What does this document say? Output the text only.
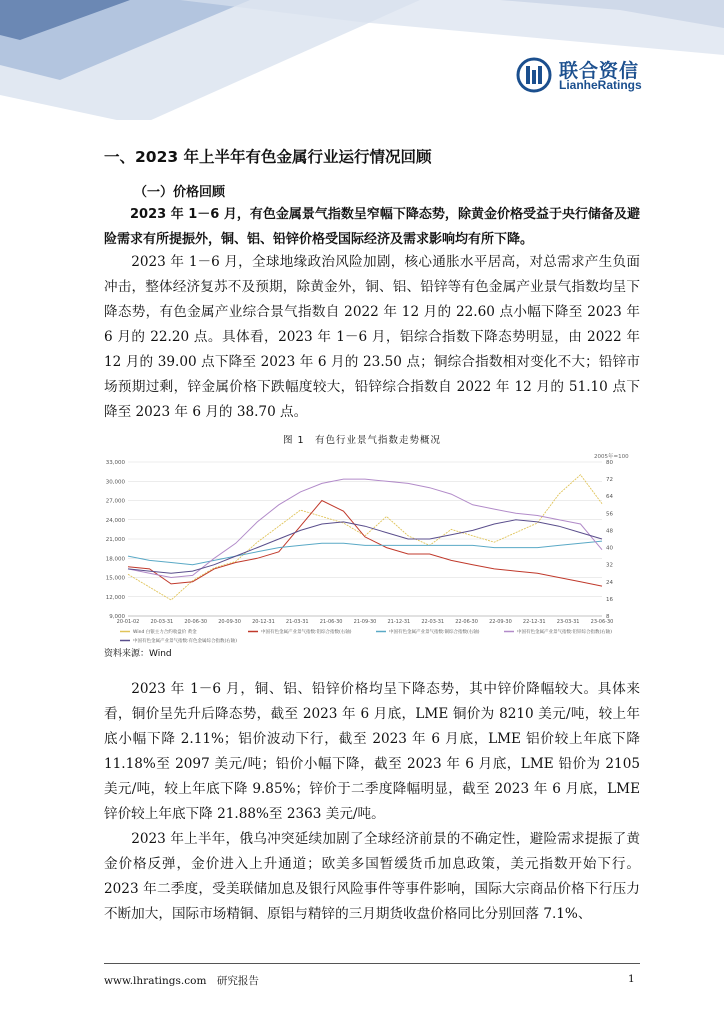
联合资信
LianheRatings
一、2023 年上半年有色金属行业运行情况回顾
（一）价格回顾

2023 年 1－6 月，有色金属景气指数呈窄幅下降态势，除黄金价格受益于央行储备及避险需求有所提振外，铜、铝、铅锌价格受国际经济及需求影响均有所下降。

2023 年 1－6 月，全球地缘政治风险加剧，核心通胀水平居高，对总需求产生负面冲击，整体经济复苏不及预期，除黄金外，铜、铝、铅锌等有色金属产业景气指数均呈下降态势，有色金属产业综合景气指数自 2022 年 12 月的 22.60 点小幅下降至 2023 年 6 月的 22.20 点。具体看，2023 年 1－6 月，铝综合指数下降态势明显，由 2022 年 12 月的 39.00 点下降至 2023 年 6 月的 23.50 点；铜综合指数相对变化不大；铅锌市场预期过剩，锌金属价格下跌幅度较大，铅锌综合指数自 2022 年 12 月的 51.10 点下降至 2023 年 6 月的 38.70 点。

图 1　有色行业景气指数走势概况
2005年=100
33,000
30,000
27,000
24,000
21,000
18,000
15,000
12,000
9,000
80
72
64
56
48
40
32
24
16
8
20-01-02 20-03-31 20-06-30 20-09-30 20-12-31 21-03-31 21-06-30 21-09-30 21-12-31 22-03-31 22-06-30 22-09-30 22-12-31 23-03-31 23-06-30
Wind 白银主力合约收盘价 黄金	中国有色金属产业景气指数:铝综合指数(右轴)	中国有色金属产业景气指数:铜综合指数(右轴)	中国有色金属产业景气指数:铅锌综合指数(右轴)
中国有色金属产业景气指数:有色金属综合指数(右轴)
资料来源：Wind

2023 年 1－6 月，铜、铝、铅锌价格均呈下降态势，其中锌价降幅较大。具体来看，铜价呈先升后降态势，截至 2023 年 6 月底，LME 铜价为 8210 美元/吨，较上年底小幅下降 2.11%；铝价波动下行，截至 2023 年 6 月底，LME 铝价较上年底下降 11.18%至 2097 美元/吨；铅价小幅下降，截至 2023 年 6 月底，LME 铅价为 2105 美元/吨，较上年底下降 9.85%；锌价于二季度降幅明显，截至 2023 年 6 月底，LME 锌价较上年底下降 21.88%至 2363 美元/吨。

2023 年上半年，俄乌冲突延续加剧了全球经济前景的不确定性，避险需求提振了黄金价格反弹，金价进入上升通道；欧美多国暂缓货币加息政策，美元指数开始下行。2023 年二季度，受美联储加息及银行风险事件等事件影响，国际大宗商品价格下行压力不断加大，国际市场精铜、原铝与精锌的三月期货收盘价格同比分别回落 7.1%、

www.lhratings.com　研究报告	1
